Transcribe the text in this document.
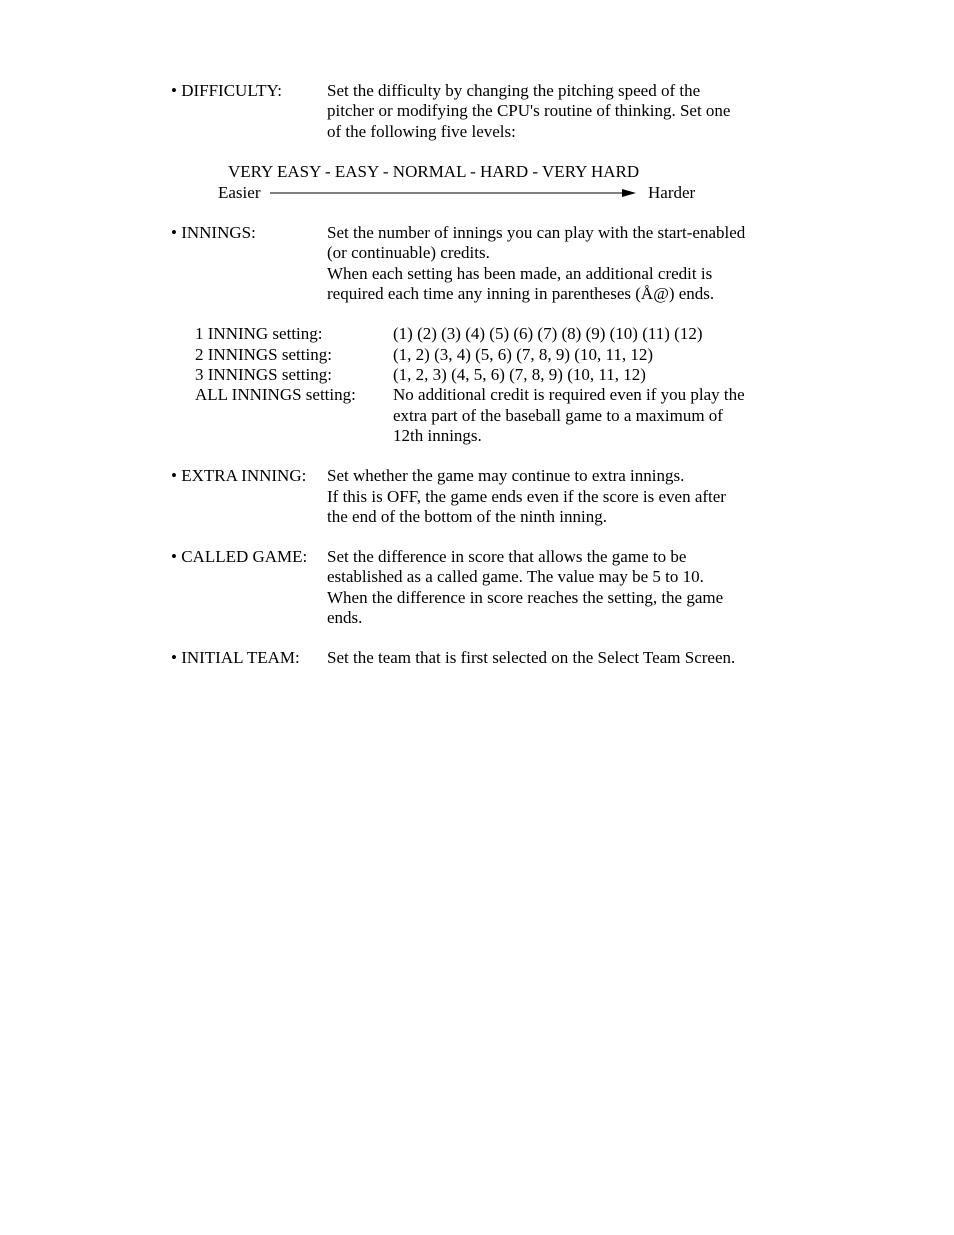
• DIFFICULTY:	Set the difficulty by changing the pitching speed of the
pitcher or modifying the CPU's routine of thinking. Set one
of the following five levels:
VERY EASY - EASY - NORMAL - HARD - VERY HARD
Easier	Harder
• INNINGS:	Set the number of innings you can play with the start-enabled
(or continuable) credits.
When each setting has been made, an additional credit is
required each time any inning in parentheses (Å@) ends.
1 INNING setting:	(1) (2) (3) (4) (5) (6) (7) (8) (9) (10) (11) (12)
2 INNINGS setting:	(1, 2) (3, 4) (5, 6) (7, 8, 9) (10, 11, 12)
3 INNINGS setting:	(1, 2, 3) (4, 5, 6) (7, 8, 9) (10, 11, 12)
ALL INNINGS setting: No additional credit is required even if you play the
extra part of the baseball game to a maximum of
12th innings.
• EXTRA INNING: Set whether the game may continue to extra innings.
If this is OFF, the game ends even if the score is even after
the end of the bottom of the ninth inning.
• CALLED GAME: Set the difference in score that allows the game to be
established as a called game. The value may be 5 to 10.
When the difference in score reaches the setting, the game
ends.
• INITIAL TEAM: Set the team that is first selected on the Select Team Screen.
